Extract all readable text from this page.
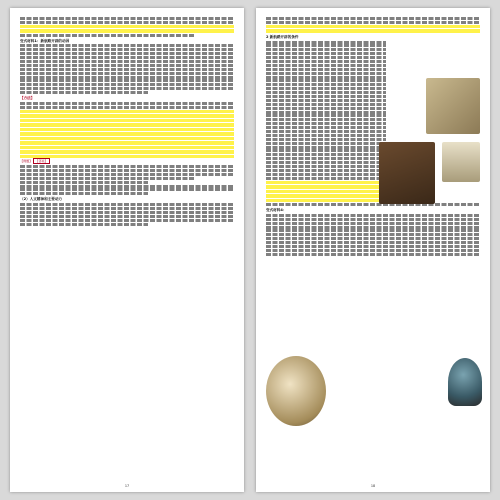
变式材料1：新航路开辟的动因
【方法】

【例题】 【答案】

（2）人文精神和主要动力
17
2 新航路开辟的条件
变式材料4：
18
